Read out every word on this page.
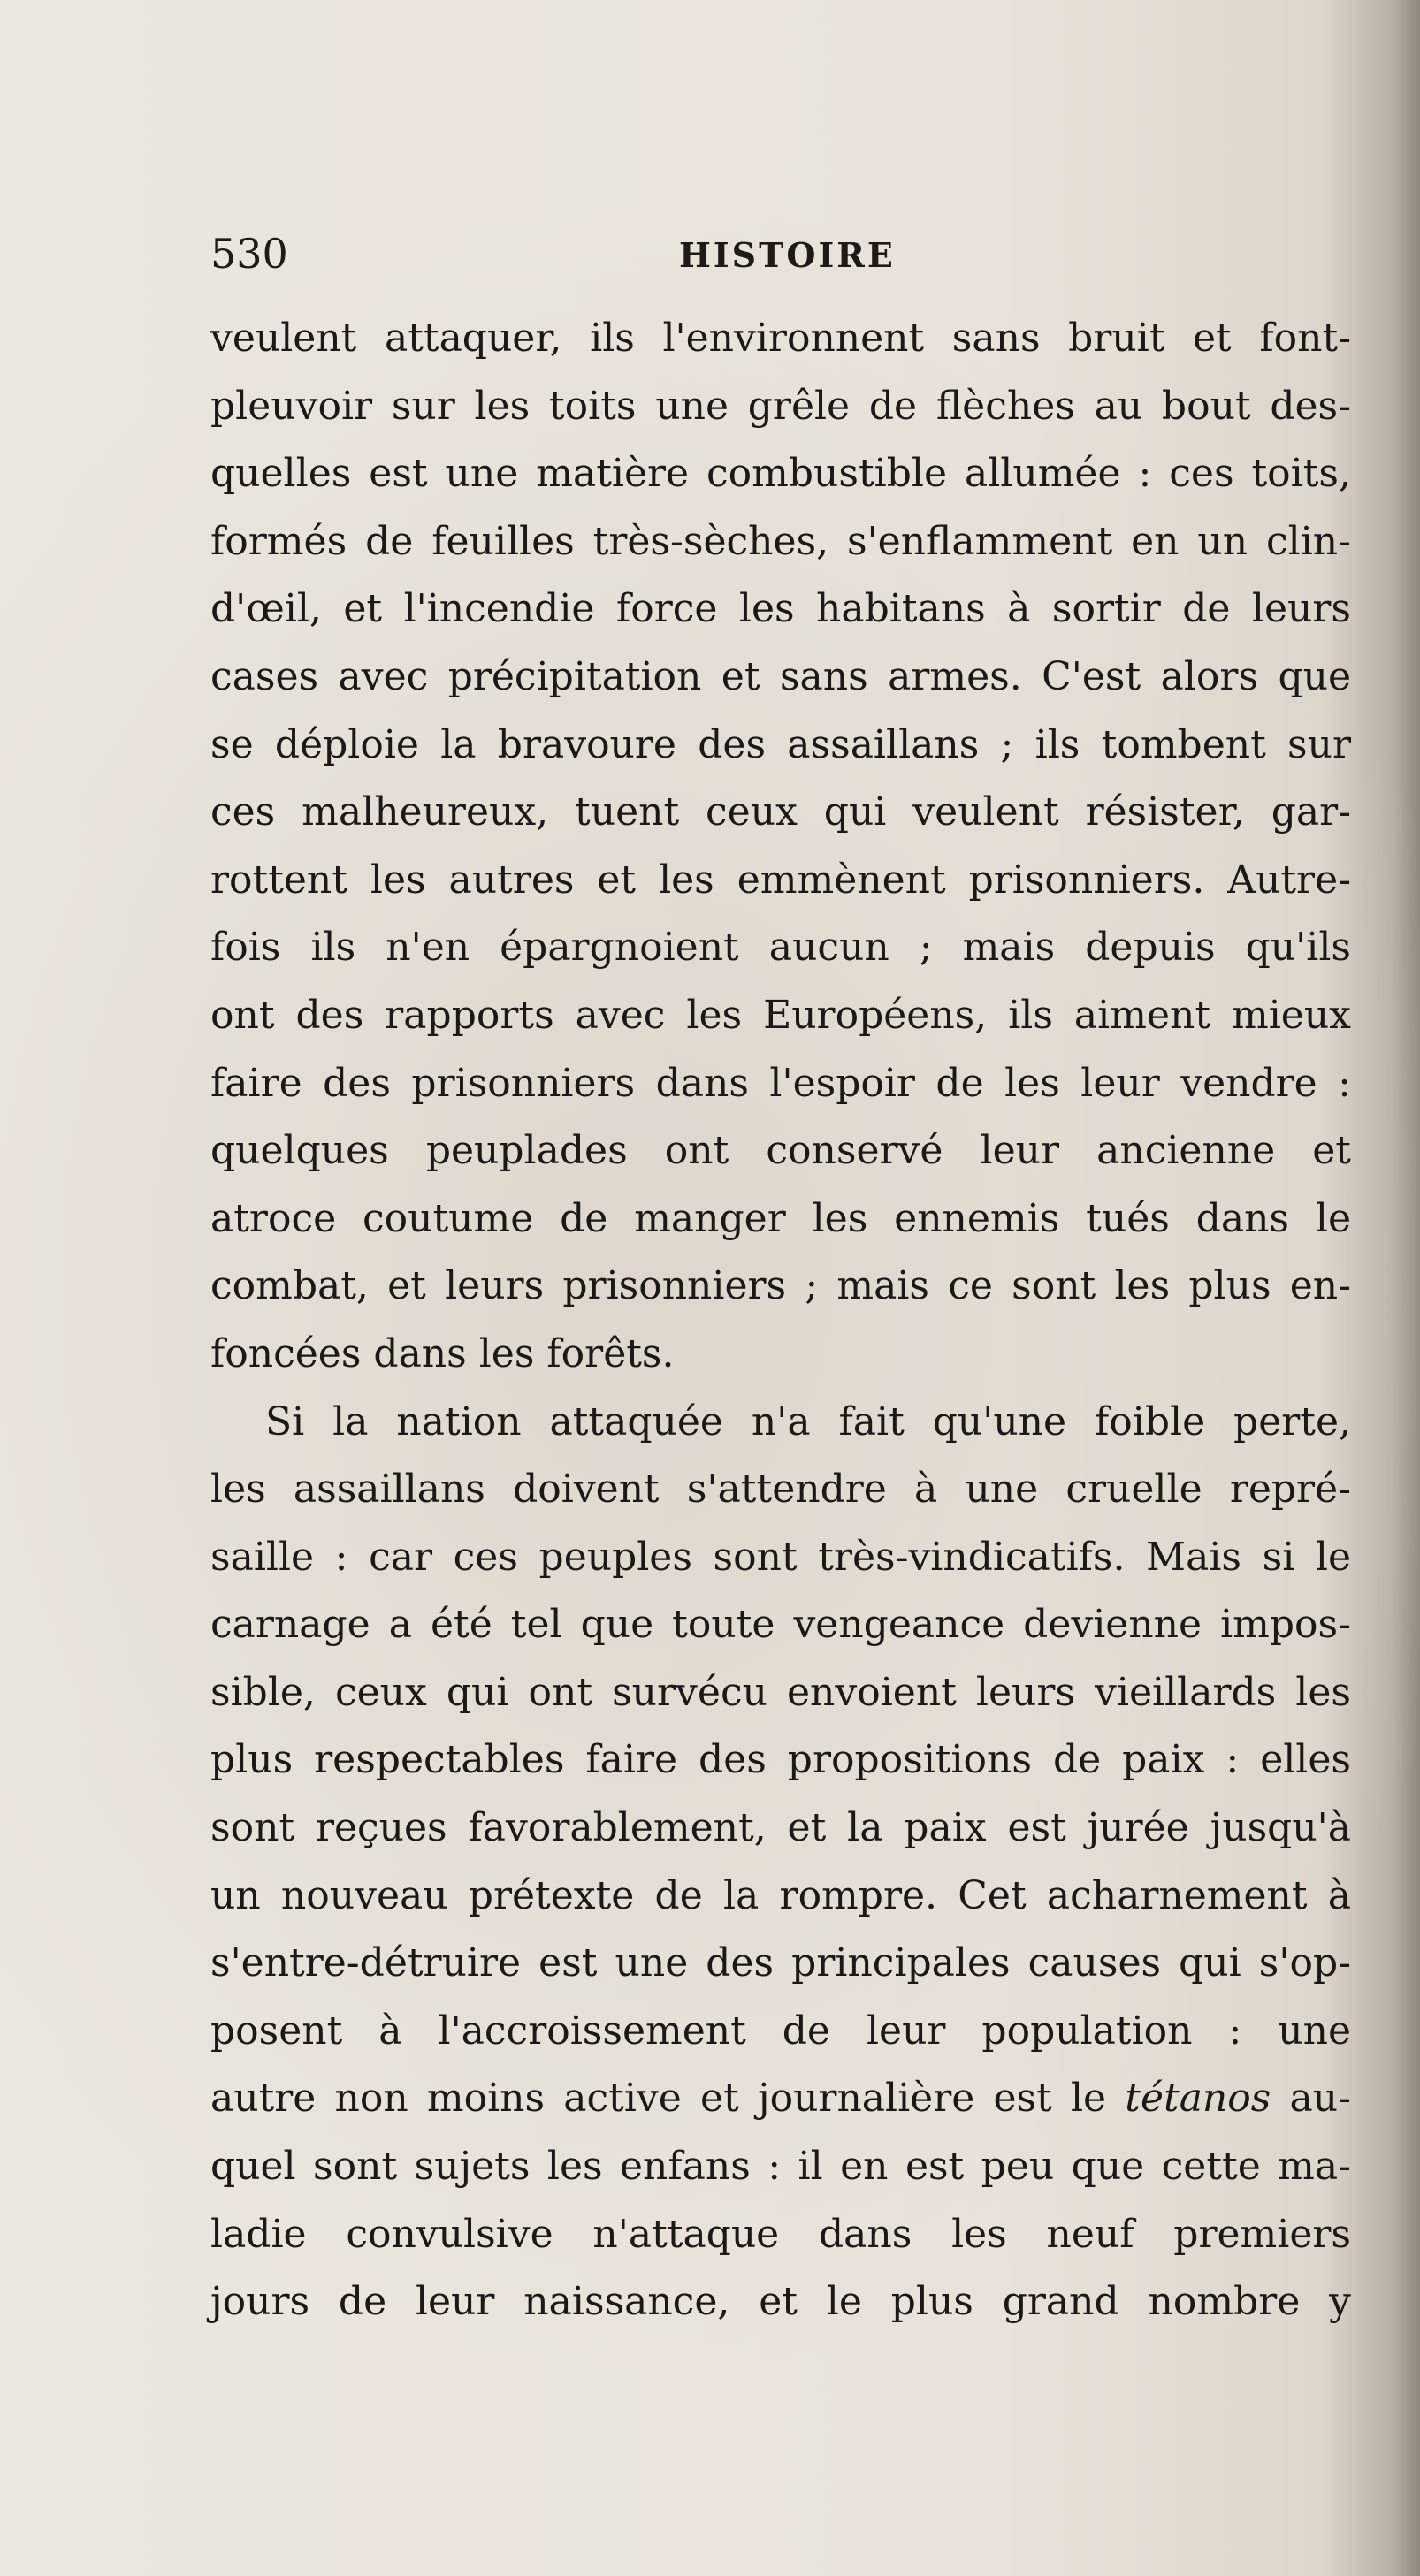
530	HISTOIRE
veulent attaquer, ils l'environnent sans bruit et font-
pleuvoir sur les toits une grêle de flèches au bout des-
quelles est une matière combustible allumée : ces toits,
formés de feuilles très-sèches, s'enflamment en un clin-
d'œil, et l'incendie force les habitans à sortir de leurs
cases avec précipitation et sans armes. C'est alors que
se déploie la bravoure des assaillans ; ils tombent sur
ces malheureux, tuent ceux qui veulent résister, gar-
rottent les autres et les emmènent prisonniers. Autre-
fois ils n'en épargnoient aucun ; mais depuis qu'ils
ont des rapports avec les Européens, ils aiment mieux
faire des prisonniers dans l'espoir de les leur vendre :
quelques peuplades ont conservé leur ancienne et
atroce coutume de manger les ennemis tués dans le
combat, et leurs prisonniers ; mais ce sont les plus en-
foncées dans les forêts.
Si la nation attaquée n'a fait qu'une foible perte,
les assaillans doivent s'attendre à une cruelle repré-
saille : car ces peuples sont très-vindicatifs. Mais si le
carnage a été tel que toute vengeance devienne impos-
sible, ceux qui ont survécu envoient leurs vieillards les
plus respectables faire des propositions de paix : elles
sont reçues favorablement, et la paix est jurée jusqu'à
un nouveau prétexte de la rompre. Cet acharnement à
s'entre-détruire est une des principales causes qui s'op-
posent à l'accroissement de leur population : une
autre non moins active et journalière est le tétanos au-
quel sont sujets les enfans : il en est peu que cette ma-
ladie convulsive n'attaque dans les neuf premiers
jours de leur naissance, et le plus grand nombre y
